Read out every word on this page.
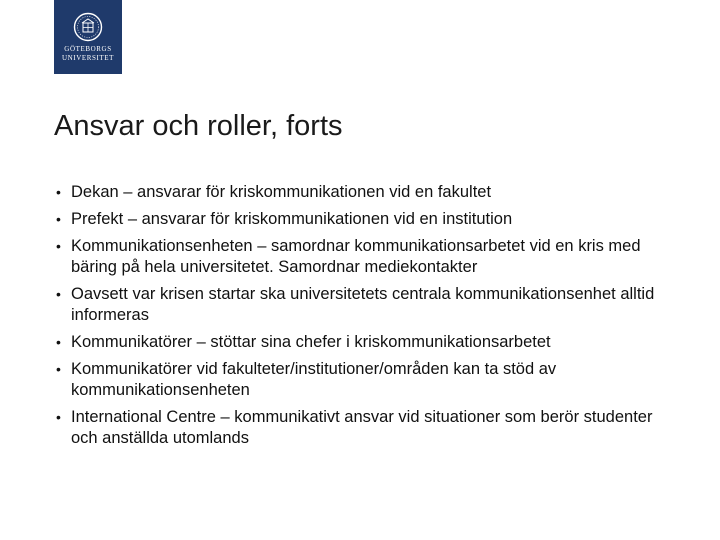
GÖTEBORGS
UNIVERSITET
Ansvar och roller, forts
• Dekan – ansvarar för kriskommunikationen vid en fakultet
• Prefekt – ansvarar för kriskommunikationen vid en institution
• Kommunikationsenheten – samordnar kommunikationsarbetet vid en kris med bäring på hela universitetet. Samordnar mediekontakter
• Oavsett var krisen startar ska universitetets centrala kommunikationsenhet alltid informeras
• Kommunikatörer – stöttar sina chefer i kriskommunikationsarbetet
• Kommunikatörer vid fakulteter/institutioner/områden kan ta stöd av kommunikationsenheten
• International Centre – kommunikativt ansvar vid situationer som berör studenter och anställda utomlands
